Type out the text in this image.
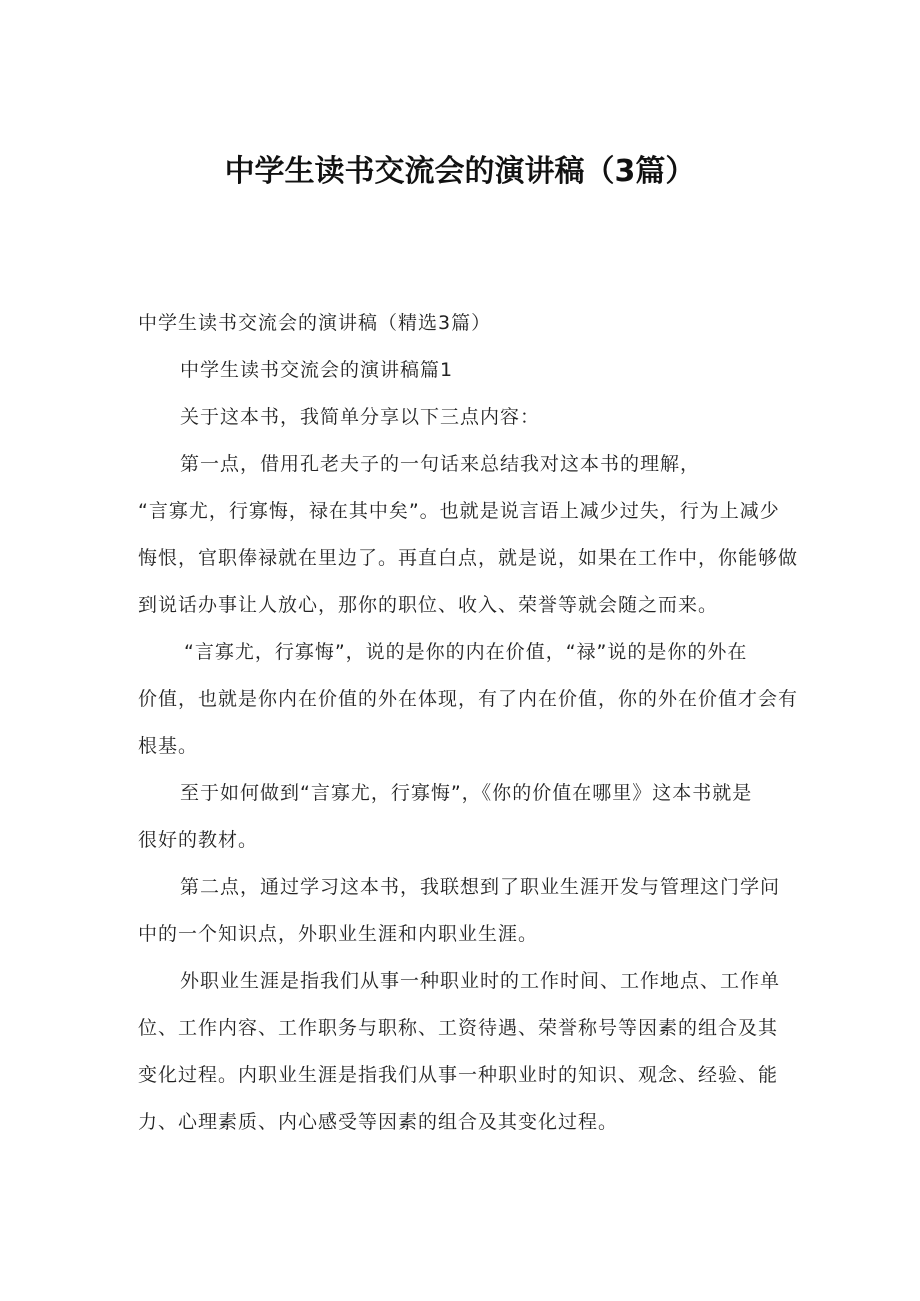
中学生读书交流会的演讲稿（3篇）
中学生读书交流会的演讲稿（精选3篇）
中学生读书交流会的演讲稿篇1
关于这本书，我简单分享以下三点内容：
第一点，借用孔老夫子的一句话来总结我对这本书的理解，
“言寡尤，行寡悔，禄在其中矣”。也就是说言语上减少过失，行为上减少
悔恨，官职俸禄就在里边了。再直白点，就是说，如果在工作中，你能够做
到说话办事让人放心，那你的职位、收入、荣誉等就会随之而来。
“言寡尤，行寡悔”，说的是你的内在价值，“禄”说的是你的外在
价值，也就是你内在价值的外在体现，有了内在价值，你的外在价值才会有
根基。
至于如何做到“言寡尤，行寡悔”，《你的价值在哪里》这本书就是
很好的教材。
第二点，通过学习这本书，我联想到了职业生涯开发与管理这门学问
中的一个知识点，外职业生涯和内职业生涯。
外职业生涯是指我们从事一种职业时的工作时间、工作地点、工作单
位、工作内容、工作职务与职称、工资待遇、荣誉称号等因素的组合及其
变化过程。内职业生涯是指我们从事一种职业时的知识、观念、经验、能
力、心理素质、内心感受等因素的组合及其变化过程。
